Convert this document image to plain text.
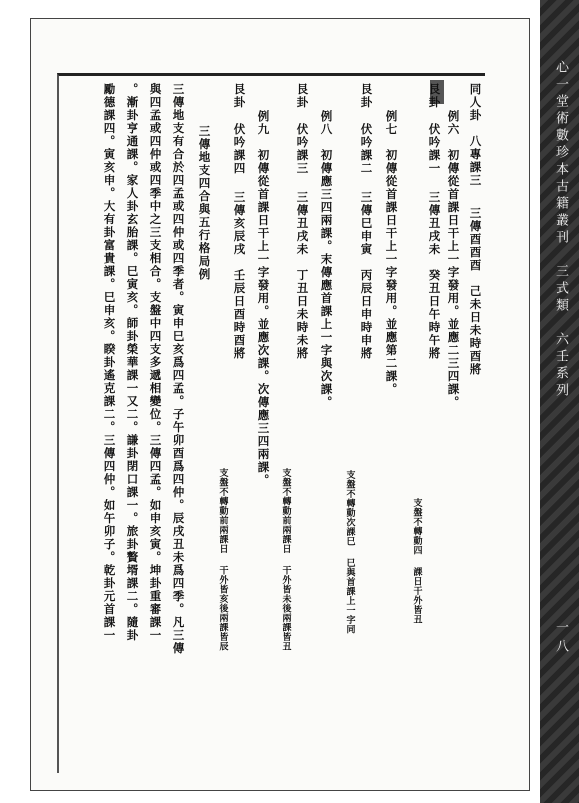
同人卦　八專課三三傳酉酉酉　己未日未時酉將
例六　初傳從首課日干上一字發用。並應二三四課。
艮卦伏吟課一三傳丑戌未　癸丑日午時午將
支盤不轉動四課日干外皆丑
例七　初傳從首課日干上一字發用。並應第二課。
艮卦伏吟課二三傳巳申寅　丙辰日申時申將
支盤不轉動次課巳巳與首課上一字同
例八　初傳應三四兩課。末傳應首課上一字與次課。
艮卦伏吟課三三傳丑戌未　丁丑日未時未將
支盤不轉動前兩課日干外皆未後兩課皆丑
例九　初傳從首課日干上一字發用。並應次課。次傳應三四兩課。
艮卦伏吟課四三傳亥辰戌　壬辰日酉時酉將
支盤不轉動前兩課日干外皆亥後兩課皆辰
三傳地支四合與五行格局例
三傳地支有合於四孟或四仲或四季者。寅申巳亥爲四孟。子午卯酉爲四仲。辰戌丑未爲四季。凡三傳
與四孟或四仲或四季中之三支相合。支盤中四支多遞相變位。三傳四孟。如申亥寅。坤卦重審課一
。漸卦亨通課。家人卦玄胎課。巳寅亥。師卦榮華課一又二。謙卦閉口課一。旅卦贅壻課二。隨卦
勵德課四。寅亥申。大有卦富貴課。巳申亥。睽卦遙克課二。三傳四仲。如午卯子。乾卦元首課一	心一堂術數珍本古籍叢刊　三式類　六壬系列
一八
